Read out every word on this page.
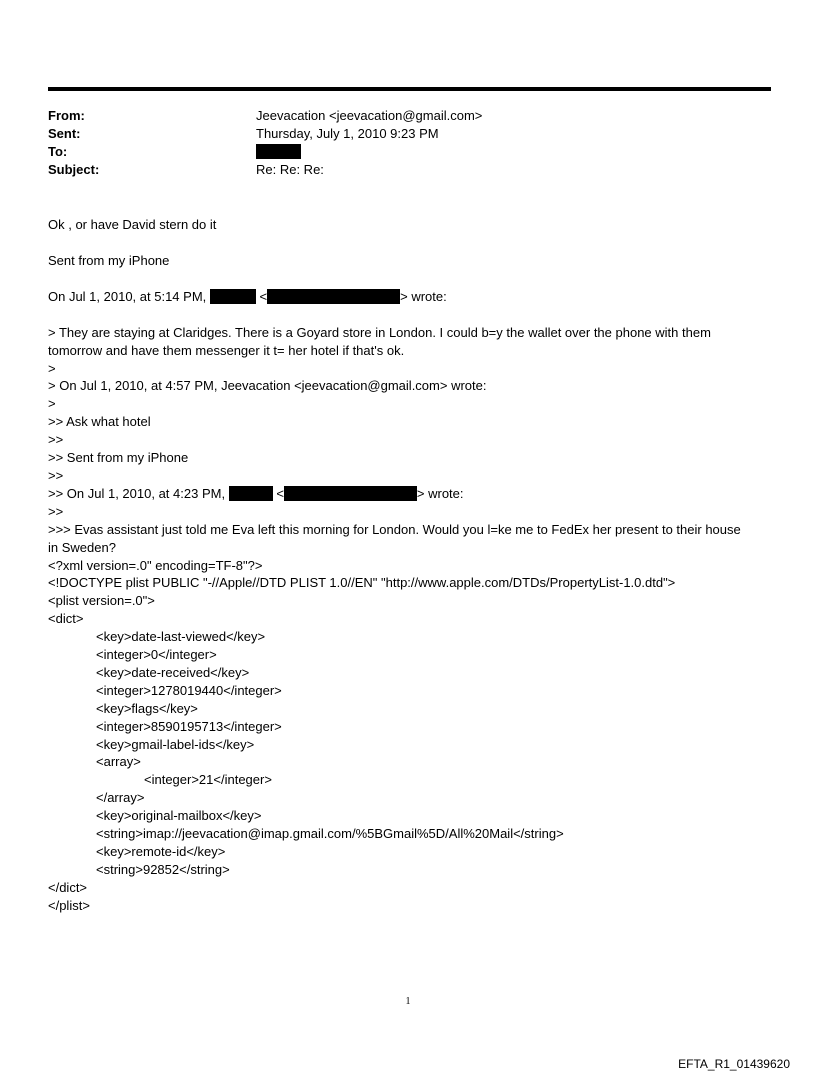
From:	Jeevacation <jeevacation@gmail.com>
Sent:	Thursday, July 1, 2010 9:23 PM
To:
Subject:	Re: Re: Re:
Ok , or have David stern do it
Sent from my iPhone
On Jul 1, 2010, at 5:14 PM,	<	> wrote:
> They are staying at Claridges. There is a Goyard store in London. I could b=y the wallet over the phone with them
tomorrow and have them messenger it t= her hotel if that's ok.
>
> On Jul 1, 2010, at 4:57 PM, Jeevacation <jeevacation@gmail.com> wrote:
>
>> Ask what hotel
>>
>> Sent from my iPhone
>>
>> On Jul 1, 2010, at 4:23 PM,	<	> wrote:
>>
>>> Evas assistant just told me Eva left this morning for London. Would you l=ke me to FedEx her present to their house
in Sweden?
<?xml version=.0" encoding=TF-8"?>
<!DOCTYPE plist PUBLIC "-//Apple//DTD PLIST 1.0//EN" "http://www.apple.com/DTDs/PropertyList-1.0.dtd">
<plist version=.0">
<dict>
<key>date-last-viewed</key>
<integer>0</integer>
<key>date-received</key>
<integer>1278019440</integer>
<key>flags</key>
<integer>8590195713</integer>
<key>gmail-label-ids</key>
<array>
<integer>21</integer>
</array>
<key>original-mailbox</key>
<string>imap://jeevacation@imap.gmail.com/%5BGmail%5D/All%20Mail</string>
<key>remote-id</key>
<string>92852</string>
</dict>
</plist>
1
EFTA_R1_01439620
